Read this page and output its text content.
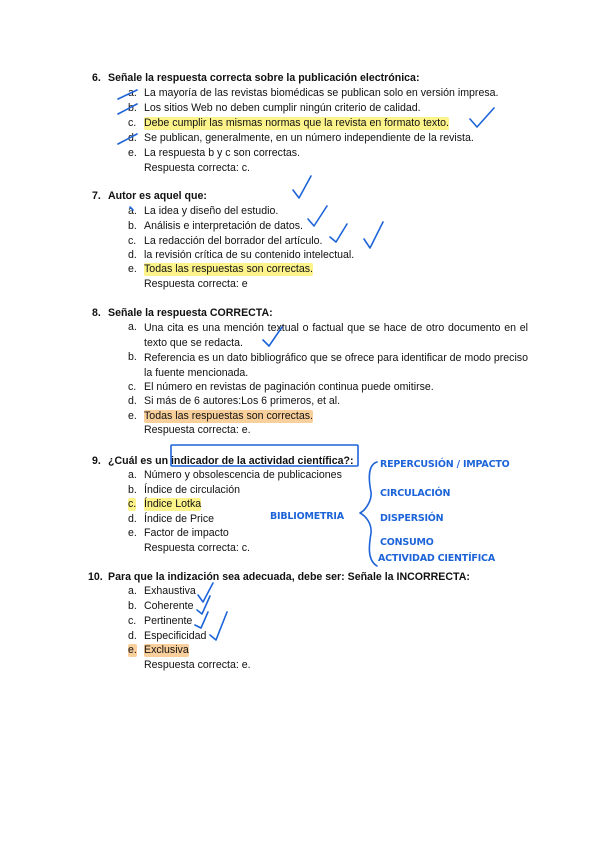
6. Señale la respuesta correcta sobre la publicación electrónica:
a. La mayoría de las revistas biomédicas se publican solo en versión impresa.
b. Los sitios Web no deben cumplir ningún criterio de calidad.
c. Debe cumplir las mismas normas que la revista en formato texto.
d. Se publican, generalmente, en un número independiente de la revista.
e. La respuesta b y c son correctas.
Respuesta correcta: c.
7. Autor es aquel que:
a. La idea y diseño del estudio.
b. Análisis e interpretación de datos.
c. La redacción del borrador del artículo.
d. la revisión crítica de su contenido intelectual.
e. Todas las respuestas son correctas.
Respuesta correcta: e
8. Señale la respuesta CORRECTA:
a. Una cita es una mención textual o factual que se hace de otro documento en el texto que se redacta.
b. Referencia es un dato bibliográfico que se ofrece para identificar de modo preciso la fuente mencionada.
c. El número en revistas de paginación continua puede omitirse.
d. Si más de 6 autores:Los 6 primeros, et al.
e. Todas las respuestas son correctas.
Respuesta correcta: e.
9. ¿Cuál es un indicador de la actividad científica?:
a. Número y obsolescencia de publicaciones
b. Índice de circulación
c. Índice Lotka
d. Índice de Price
e. Factor de impacto
Respuesta correcta: c.
10. Para que la indización sea adecuada, debe ser: Señale la INCORRECTA:
a. Exhaustiva
b. Coherente
c. Pertinente
d. Especificidad
e. Exclusiva
Respuesta correcta: e.
BIBLIOMETRIA
REPERCUSIÓN / IMPACTO
CIRCULACIÓN
DISPERSIÓN
CONSUMO
ACTIVIDAD CIENTÍFICA
